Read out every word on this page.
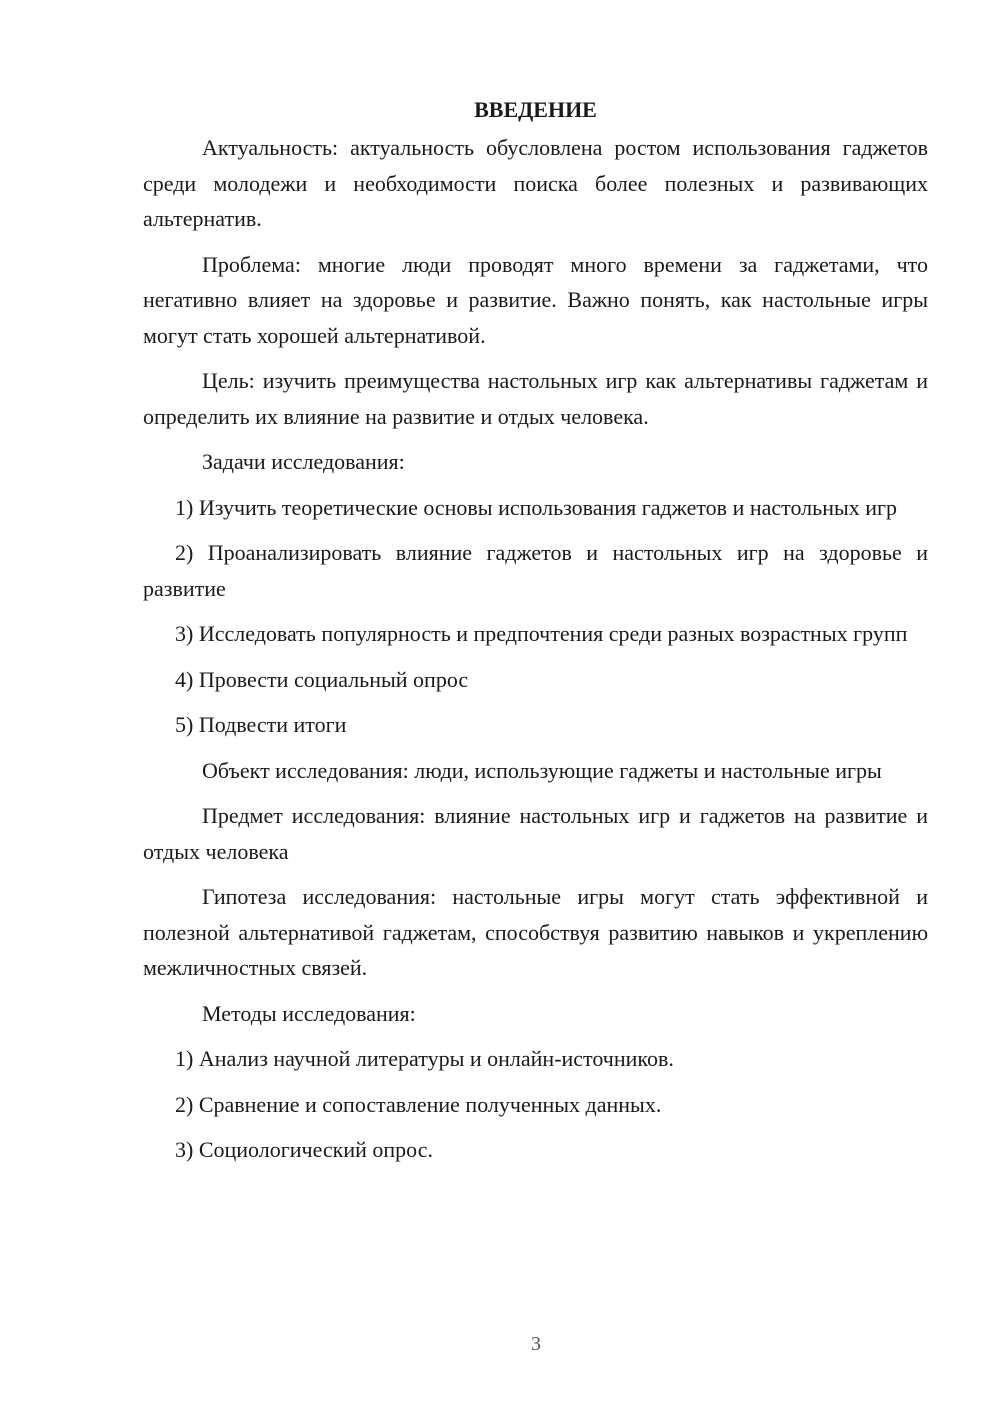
ВВЕДЕНИЕ

Актуальность: актуальность обусловлена ростом использования гаджетов среди молодежи и необходимости поиска более полезных и развивающих альтернатив.

Проблема: многие люди проводят много времени за гаджетами, что негативно влияет на здоровье и развитие. Важно понять, как настольные игры могут стать хорошей альтернативой.

Цель: изучить преимущества настольных игр как альтернативы гаджетам и определить их влияние на развитие и отдых человека.

Задачи исследования:

1) Изучить теоретические основы использования гаджетов и настольных игр

2) Проанализировать влияние гаджетов и настольных игр на здоровье и развитие

3) Исследовать популярность и предпочтения среди разных возрастных групп

4) Провести социальный опрос

5) Подвести итоги

Объект исследования: люди, использующие гаджеты и настольные игры

Предмет исследования: влияние настольных игр и гаджетов на развитие и отдых человека

Гипотеза исследования: настольные игры могут стать эффективной и полезной альтернативой гаджетам, способствуя развитию навыков и укреплению межличностных связей.

Методы исследования:

1) Анализ научной литературы и онлайн-источников.

2) Сравнение и сопоставление полученных данных.

3) Социологический опрос.

3
